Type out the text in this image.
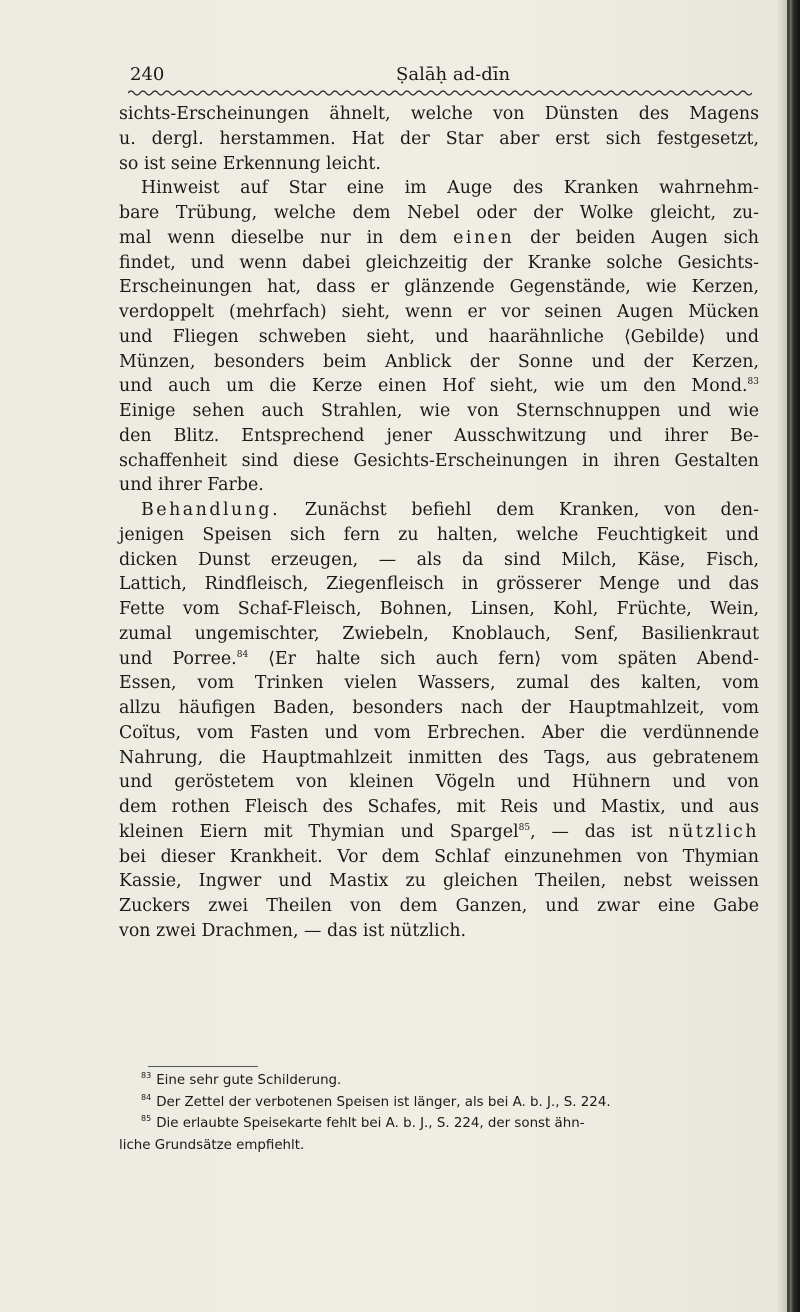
240	Ṣalāḥ ad-dīn
sichts-Erscheinungen ähnelt, welche von Dünsten des Magens
u. dergl. herstammen. Hat der Star aber erst sich festgesetzt,
so ist seine Erkennung leicht.
Hinweist auf Star eine im Auge des Kranken wahrnehm-
bare Trübung, welche dem Nebel oder der Wolke gleicht, zu-
mal wenn dieselbe nur in dem einen der beiden Augen sich
findet, und wenn dabei gleichzeitig der Kranke solche Gesichts-
Erscheinungen hat, dass er glänzende Gegenstände, wie Kerzen,
verdoppelt (mehrfach) sieht, wenn er vor seinen Augen Mücken
und Fliegen schweben sieht, und haarähnliche ⟨Gebilde⟩ und
Münzen, besonders beim Anblick der Sonne und der Kerzen,
und auch um die Kerze einen Hof sieht, wie um den Mond.$^{83}$
Einige sehen auch Strahlen, wie von Sternschnuppen und wie
den Blitz. Entsprechend jener Ausschwitzung und ihrer Be-
schaffenheit sind diese Gesichts-Erscheinungen in ihren Gestalten
und ihrer Farbe.
Behandlung. Zunächst befiehl dem Kranken, von den-
jenigen Speisen sich fern zu halten, welche Feuchtigkeit und
dicken Dunst erzeugen, — als da sind Milch, Käse, Fisch,
Lattich, Rindfleisch, Ziegenfleisch in grösserer Menge und das
Fette vom Schaf-Fleisch, Bohnen, Linsen, Kohl, Früchte, Wein,
zumal ungemischter, Zwiebeln, Knoblauch, Senf, Basilienkraut
und Porree.$^{84}$ ⟨Er halte sich auch fern⟩ vom späten Abend-
Essen, vom Trinken vielen Wassers, zumal des kalten, vom
allzu häufigen Baden, besonders nach der Hauptmahlzeit, vom
Coïtus, vom Fasten und vom Erbrechen. Aber die verdünnende
Nahrung, die Hauptmahlzeit inmitten des Tags, aus gebratenem
und geröstetem von kleinen Vögeln und Hühnern und von
dem rothen Fleisch des Schafes, mit Reis und Mastix, und aus
kleinen Eiern mit Thymian und Spargel$^{85}$, — das ist nützlich
bei dieser Krankheit. Vor dem Schlaf einzunehmen von Thymian
Kassie, Ingwer und Mastix zu gleichen Theilen, nebst weissen
Zuckers zwei Theilen von dem Ganzen, und zwar eine Gabe
von zwei Drachmen, — das ist nützlich.
$^{83}$ Eine sehr gute Schilderung.
$^{84}$ Der Zettel der verbotenen Speisen ist länger, als bei A. b. J., S. 224.
$^{85}$ Die erlaubte Speisekarte fehlt bei A. b. J., S. 224, der sonst ähn-
liche Grundsätze empfiehlt.
